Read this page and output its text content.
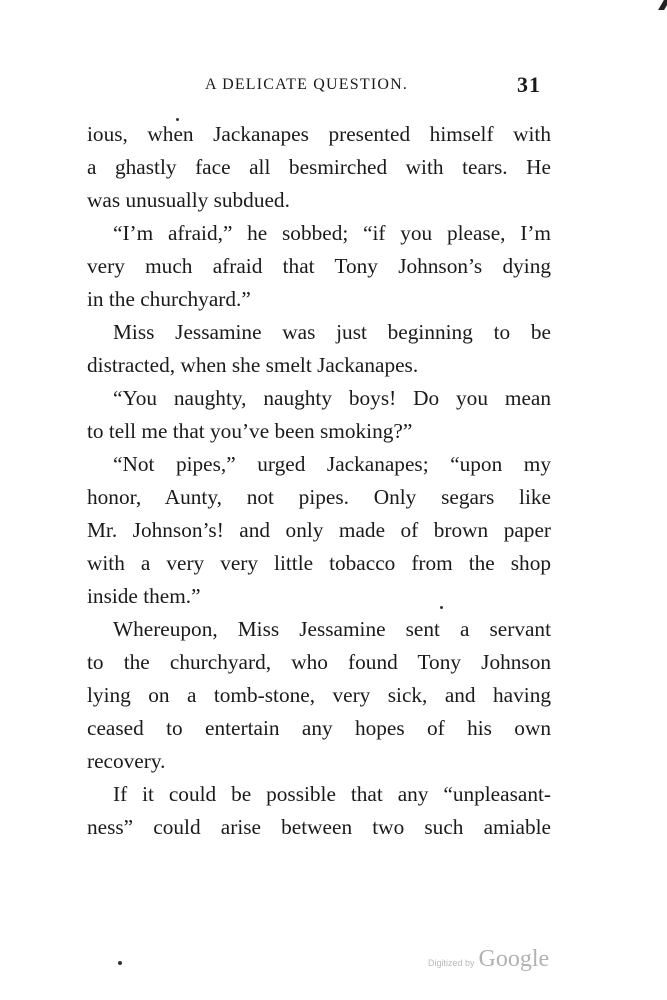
A DELICATE QUESTION.	31
ious, when Jackanapes presented himself with
a ghastly face all besmirched with tears. He
was unusually subdued.
“I’m afraid,” he sobbed; “if you please, I’m
very much afraid that Tony Johnson’s dying
in the churchyard.”
Miss Jessamine was just beginning to be
distracted, when she smelt Jackanapes.
“You naughty, naughty boys! Do you mean
to tell me that you’ve been smoking?”
“Not pipes,” urged Jackanapes; “upon my
honor, Aunty, not pipes. Only segars like
Mr. Johnson’s! and only made of brown paper
with a very very little tobacco from the shop
inside them.”
Whereupon, Miss Jessamine sent a servant
to the churchyard, who found Tony Johnson
lying on a tomb-stone, very sick, and having
ceased to entertain any hopes of his own
recovery.
If it could be possible that any “unpleasant-
ness” could arise between two such amiable
Digitized by Google
